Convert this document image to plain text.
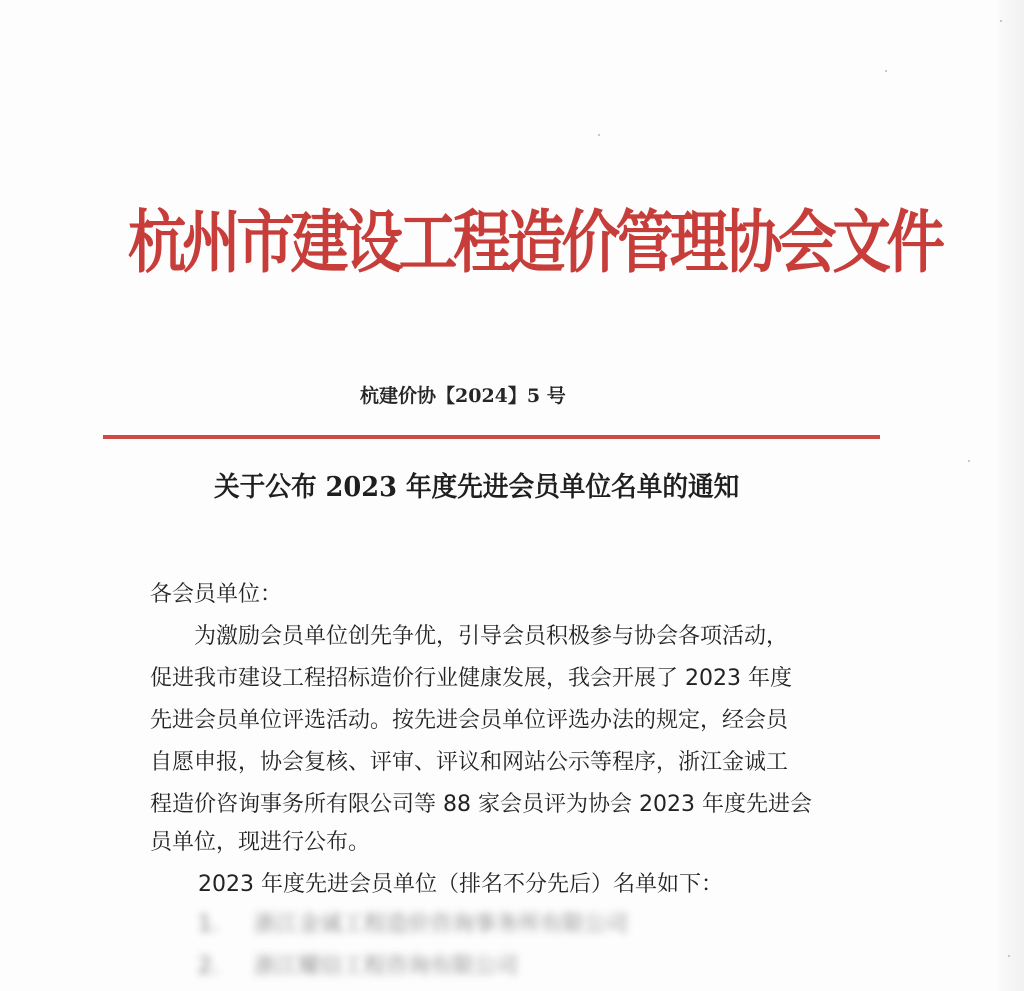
杭州市建设工程造价管理协会文件
杭建价协【2024】5 号
关于公布 2023 年度先进会员单位名单的通知
各会员单位：
　　为激励会员单位创先争优，引导会员积极参与协会各项活动，
促进我市建设工程招标造价行业健康发展，我会开展了 2023 年度
先进会员单位评选活动。按先进会员单位评选办法的规定，经会员
自愿申报，协会复核、评审、评议和网站公示等程序，浙江金诚工
程造价咨询事务所有限公司等 88 家会员评为协会 2023 年度先进会
员单位，现进行公布。
2023 年度先进会员单位（排名不分先后）名单如下：
1. 浙江金诚工程造价咨询事务所有限公司
2. 浙江耀信工程咨询有限公司
